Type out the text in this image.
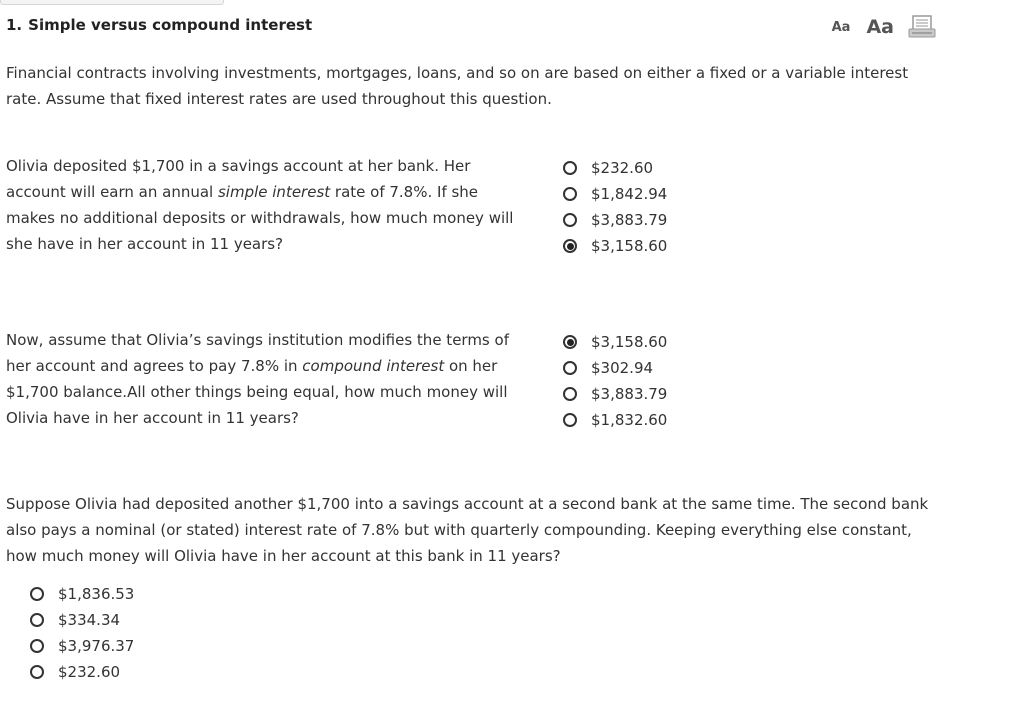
1. Simple versus compound interest	Aa Aa
Financial contracts involving investments, mortgages, loans, and so on are based on either a fixed or a variable interest rate. Assume that fixed interest rates are used throughout this question.
Olivia deposited $1,700 in a savings account at her bank. Her account will earn an annual simple interest rate of 7.8%. If she makes no additional deposits or withdrawals, how much money will she have in her account in 11 years?
$232.60
$1,842.94
$3,883.79
$3,158.60
Now, assume that Olivia’s savings institution modifies the terms of her account and agrees to pay 7.8% in compound interest on her $1,700 balance.All other things being equal, how much money will Olivia have in her account in 11 years?
$3,158.60
$302.94
$3,883.79
$1,832.60
Suppose Olivia had deposited another $1,700 into a savings account at a second bank at the same time. The second bank also pays a nominal (or stated) interest rate of 7.8% but with quarterly compounding. Keeping everything else constant, how much money will Olivia have in her account at this bank in 11 years?
$1,836.53
$334.34
$3,976.37
$232.60
